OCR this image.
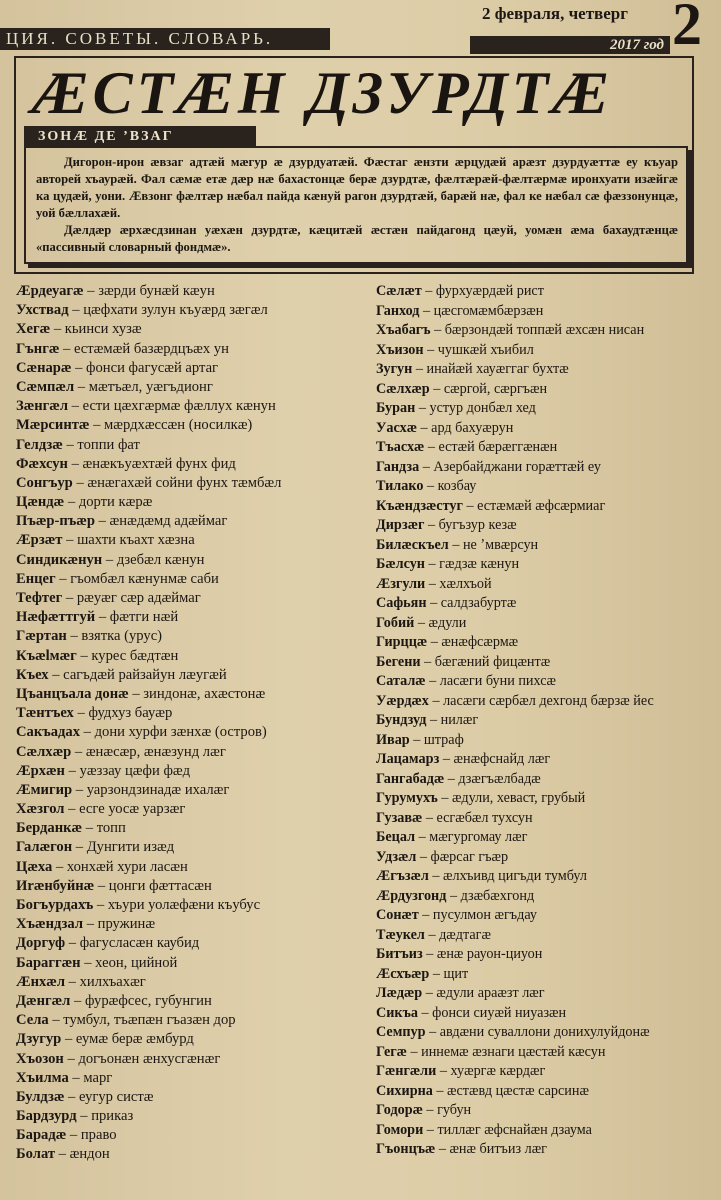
ЦИЯ. СОВЕТЫ. СЛОВАРЬ.
2 февраля, четверг
2017 год 2
ÆСТÆН ДЗУРДТÆ
ЗОНÆ ДЕ ʼВЗАГ

Дигорон-ирон æвзаг адтæй мæгур æ дзурдуатæй. Фæстаг æнзти æрцудæй арæзт дзурдуæттæ еу къуар авторей хъаурæй. Фал сæмæ етæ дæр нæ бахастонцæ берæ дзурдтæ, фæлтæрæй-фæлтæрмæ иронхуати изæйгæ ка цудæй, уони. Æвзонг фæлтæр нæбал пайда кæнуй рагон дзурдтæй, барæй нæ, фал ке нæбал сæ фæззонунцæ, уой бæллахæй.

Дæлдæр æрхæсдзинан уæхæн дзурдтæ, кæцитæй æстæн пайдагонд цæуй, уомæн æма бахаудтæнцæ «пассивный словарный фондмæ».

Æрдеуагæ – зæрди бунæй кæун
Ухствад – цæфхати зулун къуæрд зæгæл
Хегæ – кьинси хузæ
Гънгæ – естæмæй базæрдцъæх ун
Сæнарæ – фонси фагусæй артаг
Сæмпæл – мæтъæл, уæгъдионг
Зæнгæл – ести цæхгæрмæ фæллух кæнун
Мæрсинтæ – мæрдхæссæн (носилкæ)
Гелдзæ – топпи фат
Фæхсун – æнæкъуæхтæй фунх фид
Сонгъур – æнæгахæй сойни фунх тæмбæл
Цæндæ – дорти кæрæ
Пъæр-пъæр – æнæдæмд адæймаг
Æрзæт – шахти къахт хæзна
Синдикæнун – дзебæл кæнун
Енцег – гъомбæл кæнунмæ саби
Тефтег – рæуæг сæр адæймаг
Нæфæттгуй – фæтги нæй
Гæртан – взятка (урус)
Къælмæг – курес бæдтæн
Къех – сагъдæй райзайун лæугæй
Цъанцъала донæ – зиндонæ, ахæстонæ
Тæнтъех – фудхуз бауæр
Сакъадах – дони хурфи зæнхæ (остров)
Сæлхæр – æнæсæр, æнæзунд лæг
Æрхæн – уæззау цæфи фæд
Æмигир – уарзондзинадæ ихалæг
Хæзгол – есге уосæ уарзæг
Берданкæ – топп
Галæгон – Дунгити изæд
Цæха – хонхæй хури ласæн
Иræнбуйнæ – цонги фæттасæн
Богъурдахъ – хъури уолæфæни къубус
Хъæндзал – пружинæ
Доргуф – фагусласæн каубид
Бараггæн – хеон, цийной
Æнхæл – хилхъахæг
Дæнгæл – фурæфсес, губунгин
Села – тумбул, тъæпæн гъазæн дор
Дзугур – еумæ берæ æмбурд
Хъозон – догъонæн æнхусгæнæг
Хъилма – марг
Булдзæ – еугур систæ
Бардзурд – приказ
Барадæ – право
Болат – æндон
Сæлæт – фурхуæрдæй рист
Ганход – цæсгомæмбæрзæн
Хъабагъ – бæрзондæй топпæй æхсæн нисан
Хъизон – чушкæй хъибил
Зугун – инайæй хауæггаг бухтæ
Сæлхæр – сæргой, сæргъæн
Буран – устур донбæл хед
Уасхæ – ард бахуæрун
Тъасхæ – естæй бæрæггæнæн
Гандза – Азербайджани горæттæй еу
Тилако – козбау
Къæндзæстуг – естæмæй æфсæрмиаг
Дирзæг – бугъзур кезæ
Билæскъел – не ʼмвæрсун
Бæлсун – гæдзæ кæнун
Æзгули – хæлхъой
Сафьян – салдзабуртæ
Гобий – æдули
Гирццæ – æнæфсæрмæ
Бегени – бæгæний фицæнтæ
Саталæ – ласæги буни пихсæ
Уæрдæх – ласæги сæрбæл дехгонд бæрзæ йес
Бундзуд – нилæг
Ивар – штраф
Лацамарз – æнæфснайд лæг
Гангабадæ – дзæгъæлбадæ
Гурумухъ – æдули, хеваст, грубый
Гузавæ – есгæбæл тухсун
Бецал – мæгургомау лæг
Удзæл – фæрсаг гъæр
Æгъзæл – æлхъивд цигъди тумбул
Æрдузгонд – дзæбæхгонд
Сонæт – пусулмон æгъдау
Тæукел – дæдтагæ
Битъиз – æнæ рауон-циуон
Æсхъæр – щит
Лæдæр – æдули араæзт лæг
Сикъа – фонси сиуæй ниуазæн
Семпур – авдæни суваллони донихулуйдонæ
Гегæ – иннемæ æзнаги цæстæй кæсун
Гæнгæли – хуæргæ кæрдæг
Сихирна – æстæвд цæстæ сарсинæ
Годорæ – губун
Гомори – тиллæг æфснайæн дзаума
Гъонцъæ – æнæ битъиз лæг
